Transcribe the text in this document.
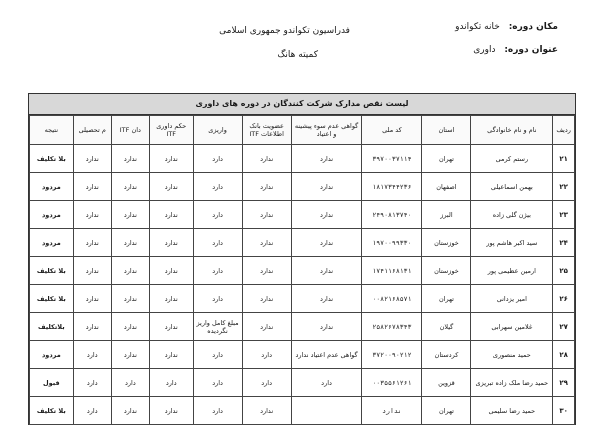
فدراسیون تکواندو جمهوری اسلامی
کمیته هانگ
مکان دوره: خانه تکواندو
عنوان دوره: داوری
لیست نقص مدارک شرکت کنندگان در دوره های داوری
ردیف	نام و نام خانوادگی	استان	کد ملی	گواهی عدم سوء پیشینه و اعتیاد	عضویت بانک اطلاعات ITF	واریزی	حکم داوری ITF	دان ITF	م تحصیلی	نتیجه
۲۱	رستم کرمی	تهران	۳۹۷۰۰۳۷۱۱۴	ندارد	ندارد	دارد	ندارد	ندارد	ندارد	بلا تکلیف
۲۲	بهمن اسماعیلی	اصفهان	۱۸۱۷۳۴۴۲۳۶	ندارد	ندارد	دارد	ندارد	ندارد	ندارد	مردود
۲۳	بیژن گلی زاده	البرز	۲۴۹۰۸۱۳۷۴۰	ندارد	ندارد	دارد	ندارد	ندارد	ندارد	مردود
۲۴	سید اکبر هاشم پور	خوزستان	۱۹۷۰۰۹۹۳۳۰	ندارد	ندارد	دارد	ندارد	ندارد	ندارد	مردود
۲۵	ارمین عظیمی پور	خوزستان	۱۷۴۱۱۶۸۱۳۱	ندارد	ندارد	دارد	ندارد	ندارد	ندارد	بلا تکلیف
۲۶	امیر یزدانی	تهران	۰۰۸۲۱۶۸۵۷۱	ندارد	ندارد	دارد	ندارد	ندارد	ندارد	بلا تکلیف
۲۷	غلامین سهرابی	گیلان	۲۵۸۲۶۷۸۳۴۳	ندارد	ندارد	مبلغ کامل واریز نگردیده	ندارد	ندارد	ندارد	بلاتکلیف
۲۸	حمید منصوری	کردستان	۳۷۲۰۰۹۰۲۱۲	گواهی عدم اعتیاد ندارد	دارد	دارد	ندارد	ندارد	دارد	مردود
۲۹	حمید رضا ملک زاده تبریزی	قزوین	۰۰۳۵۵۶۱۲۶۱	دارد	دارد	دارد	دارد	دارد	دارد	قبول
۳۰	حمید رضا سلیمی	تهران	ندارد		ندارد	دارد	ندارد	ندارد	دارد	بلا تکلیف
